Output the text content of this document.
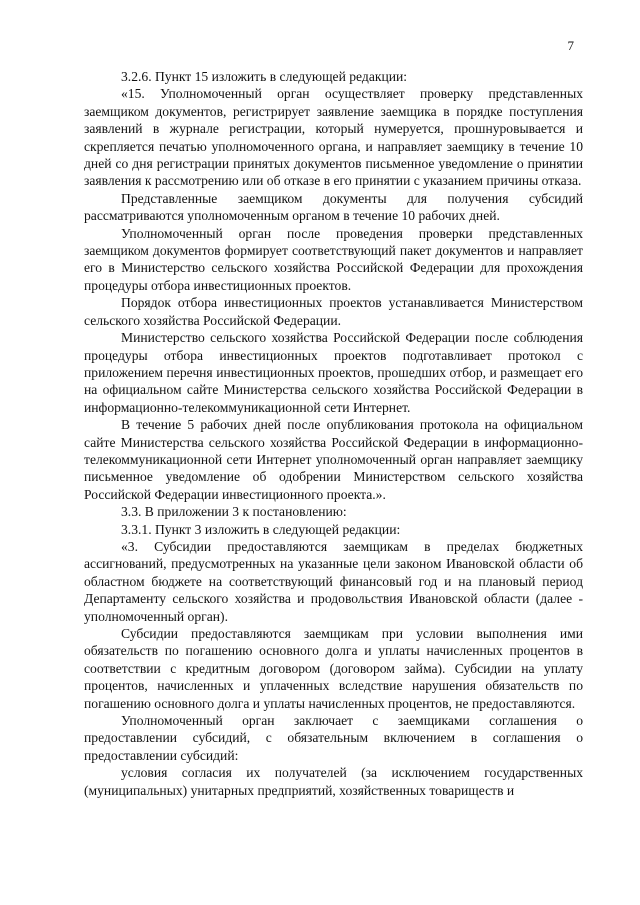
7

3.2.6. Пункт 15 изложить в следующей редакции:

«15. Уполномоченный орган осуществляет проверку представленных заемщиком документов, регистрирует заявление заемщика в порядке поступления заявлений в журнале регистрации, который нумеруется, прошнуровывается и скрепляется печатью уполномоченного органа, и направляет заемщику в течение 10 дней со дня регистрации принятых документов письменное уведомление о принятии заявления к рассмотрению или об отказе в его принятии с указанием причины отказа.

Представленные заемщиком документы для получения субсидий рассматриваются уполномоченным органом в течение 10 рабочих дней.

Уполномоченный орган после проведения проверки представленных заемщиком документов формирует соответствующий пакет документов и направляет его в Министерство сельского хозяйства Российской Федерации для прохождения процедуры отбора инвестиционных проектов.

Порядок отбора инвестиционных проектов устанавливается Министерством сельского хозяйства Российской Федерации.

Министерство сельского хозяйства Российской Федерации после соблюдения процедуры отбора инвестиционных проектов подготавливает протокол с приложением перечня инвестиционных проектов, прошедших отбор, и размещает его на официальном сайте Министерства сельского хозяйства Российской Федерации в информационно-телекоммуникационной сети Интернет.

В течение 5 рабочих дней после опубликования протокола на официальном сайте Министерства сельского хозяйства Российской Федерации в информационно-телекоммуникационной сети Интернет уполномоченный орган направляет заемщику письменное уведомление об одобрении Министерством сельского хозяйства Российской Федерации инвестиционного проекта.».

3.3. В приложении 3 к постановлению:

3.3.1. Пункт 3 изложить в следующей редакции:

«3. Субсидии предоставляются заемщикам в пределах бюджетных ассигнований, предусмотренных на указанные цели законом Ивановской области об областном бюджете на соответствующий финансовый год и на плановый период Департаменту сельского хозяйства и продовольствия Ивановской области (далее - уполномоченный орган).

Субсидии предоставляются заемщикам при условии выполнения ими обязательств по погашению основного долга и уплаты начисленных процентов в соответствии с кредитным договором (договором займа). Субсидии на уплату процентов, начисленных и уплаченных вследствие нарушения обязательств по погашению основного долга и уплаты начисленных процентов, не предоставляются.

Уполномоченный орган заключает с заемщиками соглашения о предоставлении субсидий, с обязательным включением в соглашения о предоставлении субсидий:

условия согласия их получателей (за исключением государственных (муниципальных) унитарных предприятий, хозяйственных товариществ и
